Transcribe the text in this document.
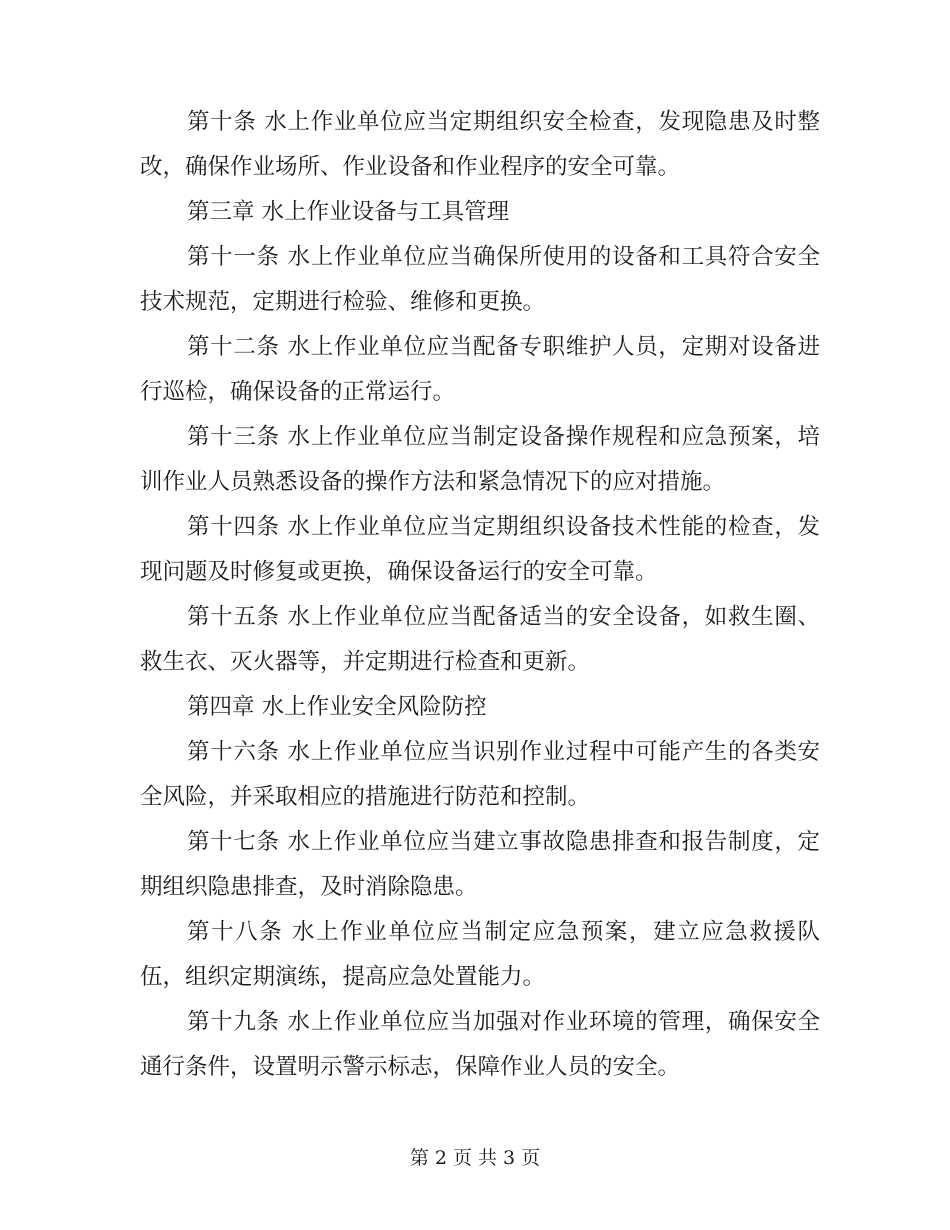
第十条 水上作业单位应当定期组织安全检查，发现隐患及时整改，确保作业场所、作业设备和作业程序的安全可靠。

第三章 水上作业设备与工具管理

第十一条 水上作业单位应当确保所使用的设备和工具符合安全技术规范，定期进行检验、维修和更换。

第十二条 水上作业单位应当配备专职维护人员，定期对设备进行巡检，确保设备的正常运行。

第十三条 水上作业单位应当制定设备操作规程和应急预案，培训作业人员熟悉设备的操作方法和紧急情况下的应对措施。

第十四条 水上作业单位应当定期组织设备技术性能的检查，发现问题及时修复或更换，确保设备运行的安全可靠。

第十五条 水上作业单位应当配备适当的安全设备，如救生圈、救生衣、灭火器等，并定期进行检查和更新。

第四章 水上作业安全风险防控

第十六条 水上作业单位应当识别作业过程中可能产生的各类安全风险，并采取相应的措施进行防范和控制。

第十七条 水上作业单位应当建立事故隐患排查和报告制度，定期组织隐患排查，及时消除隐患。

第十八条 水上作业单位应当制定应急预案，建立应急救援队伍，组织定期演练，提高应急处置能力。

第十九条 水上作业单位应当加强对作业环境的管理，确保安全通行条件，设置明示警示标志，保障作业人员的安全。

第 2 页 共 3 页
